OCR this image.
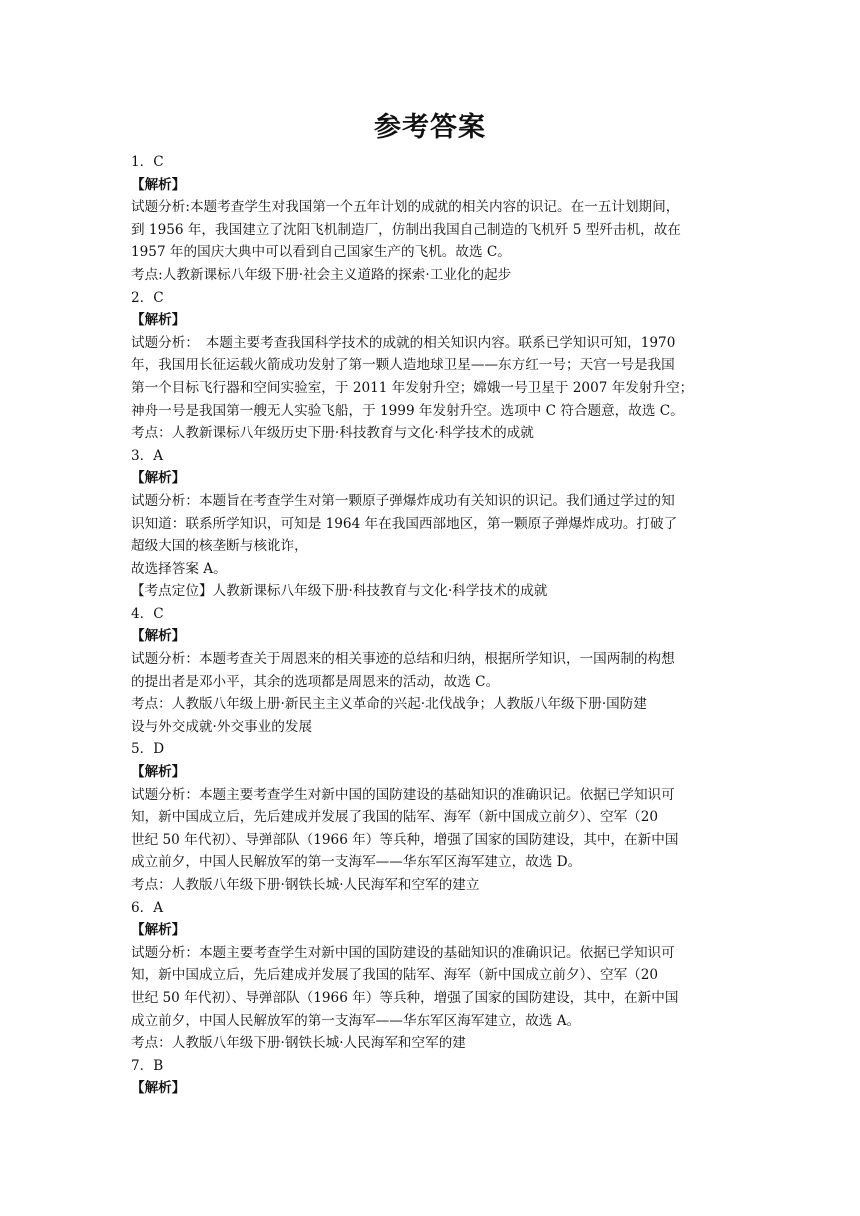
参考答案
1．C
【解析】
试题分析:本题考查学生对我国第一个五年计划的成就的相关内容的识记。在一五计划期间，
到 1956 年，我国建立了沈阳飞机制造厂，仿制出我国自己制造的飞机歼 5 型歼击机，故在
1957 年的国庆大典中可以看到自己国家生产的飞机。故选 C。
考点:人教新课标八年级下册·社会主义道路的探索·工业化的起步
2．C
【解析】
试题分析：　本题主要考查我国科学技术的成就的相关知识内容。联系已学知识可知，1970
年，我国用长征运载火箭成功发射了第一颗人造地球卫星——东方红一号；天宫一号是我国
第一个目标飞行器和空间实验室，于 2011 年发射升空；嫦娥一号卫星于 2007 年发射升空；
神舟一号是我国第一艘无人实验飞船，于 1999 年发射升空。选项中 C 符合题意，故选 C。
考点：人教新课标八年级历史下册·科技教育与文化·科学技术的成就
3．A
【解析】
试题分析：本题旨在考查学生对第一颗原子弹爆炸成功有关知识的识记。我们通过学过的知
识知道：联系所学知识，可知是 1964 年在我国西部地区，第一颗原子弹爆炸成功。打破了
超级大国的核垄断与核讹诈，
故选择答案 A。
【考点定位】人教新课标八年级下册·科技教育与文化·科学技术的成就
4．C
【解析】
试题分析：本题考查关于周恩来的相关事迹的总结和归纳，根据所学知识，一国两制的构想
的提出者是邓小平，其余的选项都是周恩来的活动，故选 C。
考点：人教版八年级上册·新民主主义革命的兴起·北伐战争；人教版八年级下册·国防建
设与外交成就·外交事业的发展
5．D
【解析】
试题分析：本题主要考查学生对新中国的国防建设的基础知识的准确识记。依据已学知识可
知，新中国成立后，先后建成并发展了我国的陆军、海军（新中国成立前夕）、空军（20
世纪 50 年代初）、导弹部队（1966 年）等兵种，增强了国家的国防建设，其中，在新中国
成立前夕，中国人民解放军的第一支海军——华东军区海军建立，故选 D。
考点：人教版八年级下册·钢铁长城·人民海军和空军的建立
6．A
【解析】
试题分析：本题主要考查学生对新中国的国防建设的基础知识的准确识记。依据已学知识可
知，新中国成立后，先后建成并发展了我国的陆军、海军（新中国成立前夕）、空军（20
世纪 50 年代初）、导弹部队（1966 年）等兵种，增强了国家的国防建设，其中，在新中国
成立前夕，中国人民解放军的第一支海军——华东军区海军建立，故选 A。
考点：人教版八年级下册·钢铁长城·人民海军和空军的建
7．B
【解析】
